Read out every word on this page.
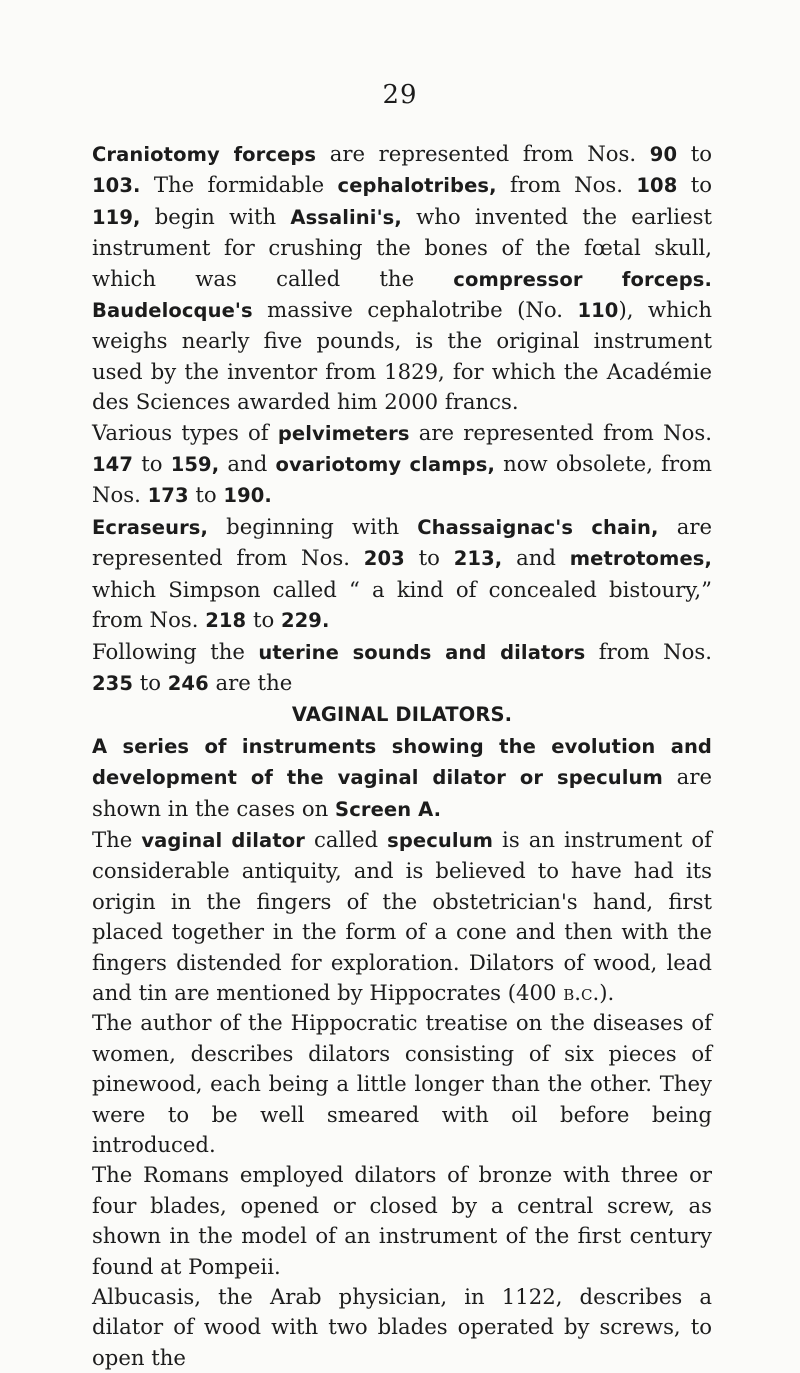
29

Craniotomy forceps are represented from Nos. 90 to 103. The formidable cephalotribes, from Nos. 108 to 119, begin with Assalini's, who invented the earliest instrument for crushing the bones of the fœtal skull, which was called the compressor forceps. Baudelocque's massive cephalotribe (No. 110), which weighs nearly five pounds, is the original instrument used by the inventor from 1829, for which the Académie des Sciences awarded him 2000 francs.

Various types of pelvimeters are represented from Nos. 147 to 159, and ovariotomy clamps, now obsolete, from Nos. 173 to 190.

Ecraseurs, beginning with Chassaignac's chain, are represented from Nos. 203 to 213, and metrotomes, which Simpson called “ a kind of concealed bistoury,” from Nos. 218 to 229.

Following the uterine sounds and dilators from Nos. 235 to 246 are the

VAGINAL DILATORS.

A series of instruments showing the evolution and development of the vaginal dilator or speculum are shown in the cases on Screen A.

The vaginal dilator called speculum is an instrument of considerable antiquity, and is believed to have had its origin in the fingers of the obstetrician's hand, first placed together in the form of a cone and then with the fingers distended for exploration. Dilators of wood, lead and tin are mentioned by Hippocrates (400 b.c.).

The author of the Hippocratic treatise on the diseases of women, describes dilators consisting of six pieces of pinewood, each being a little longer than the other. They were to be well smeared with oil before being introduced.

The Romans employed dilators of bronze with three or four blades, opened or closed by a central screw, as shown in the model of an instrument of the first century found at Pompeii.

Albucasis, the Arab physician, in 1122, describes a dilator of wood with two blades operated by screws, to open the
